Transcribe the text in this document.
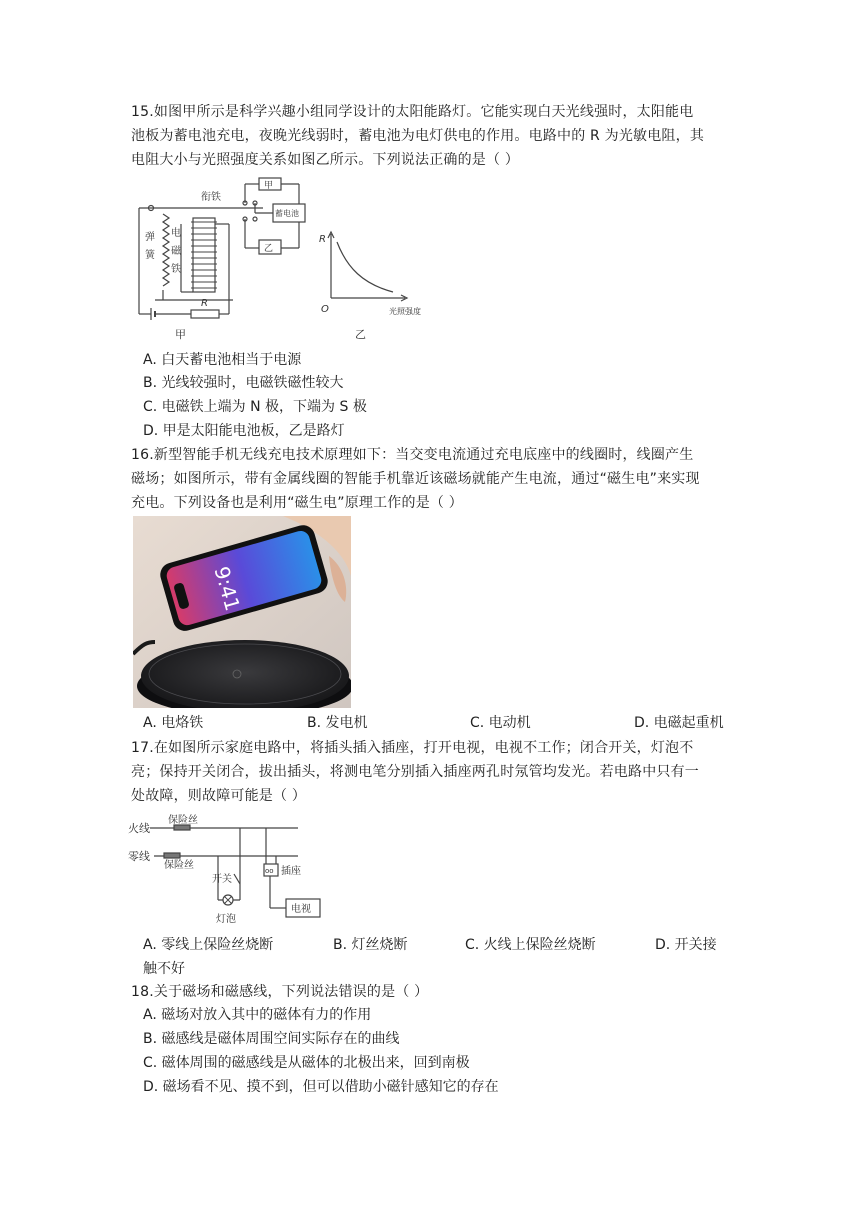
15.如图甲所示是科学兴趣小组同学设计的太阳能路灯。它能实现白天光线强时，太阳能电
池板为蓄电池充电，夜晚光线弱时，蓄电池为电灯供电的作用。电路中的 R 为光敏电阻，其
电阻大小与光照强度关系如图乙所示。下列说法正确的是（ ）
衔铁
弹
簧
电
磁
铁
R
甲
蓄电池
乙
甲
R
O	光照强度
乙
A. 白天蓄电池相当于电源
B. 光线较强时，电磁铁磁性较大
C. 电磁铁上端为 N 极，下端为 S 极
D. 甲是太阳能电池板，乙是路灯
16.新型智能手机无线充电技术原理如下：当交变电流通过充电底座中的线圈时，线圈产生
磁场；如图所示，带有金属线圈的智能手机靠近该磁场就能产生电流，通过“磁生电”来实现
充电。下列设备也是利用“磁生电”原理工作的是（ ）
9:41
A. 电烙铁	B. 发电机	C. 电动机	D. 电磁起重机
17.在如图所示家庭电路中，将插头插入插座，打开电视，电视不工作；闭合开关，灯泡不
亮；保持开关闭合，拔出插头，将测电笔分别插入插座两孔时氖管均发光。若电路中只有一
处故障，则故障可能是（ ）
火线
零线
保险丝
保险丝
开关
灯泡
oo 插座
电视
A. 零线上保险丝烧断	B. 灯丝烧断	C. 火线上保险丝烧断	D. 开关接
触不好
18.关于磁场和磁感线，下列说法错误的是（ ）
A. 磁场对放入其中的磁体有力的作用
B. 磁感线是磁体周围空间实际存在的曲线
C. 磁体周围的磁感线是从磁体的北极出来，回到南极
D. 磁场看不见、摸不到，但可以借助小磁针感知它的存在
